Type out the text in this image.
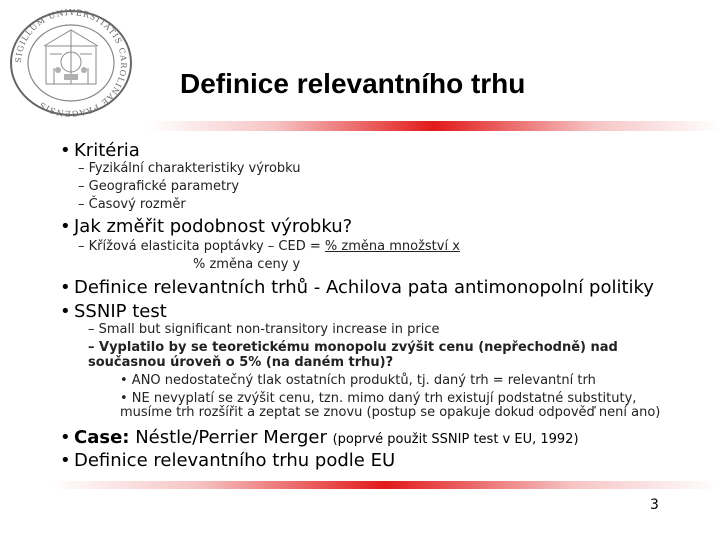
SIGILLUM UNIVERSITATIS CAROLINAE PRAGENSIS
Definice relevantního trhu
• Kritéria
– Fyzikální charakteristiky výrobku
– Geografické parametry
– Časový rozměr
• Jak změřit podobnost výrobku?
– Křížová elasticita poptávky – CED = % změna množství x
% změna ceny y
• Definice relevantních trhů - Achilova pata antimonopolní politiky
• SSNIP test
– Small but significant non-transitory increase in price
– Vyplatilo by se teoretickému monopolu zvýšit cenu (nepřechodně) nad
současnou úroveň o 5% (na daném trhu)?
• ANO nedostatečný tlak ostatních produktů, tj. daný trh = relevantní trh
• NE nevyplatí se zvýšit cenu, tzn. mimo daný trh existují podstatné substituty,
musíme trh rozšířit a zeptat se znovu (postup se opakuje dokud odpověď není ano)
• Case: Néstle/Perrier Merger (poprvé použit SSNIP test v EU, 1992)
• Definice relevantního trhu podle EU
3
